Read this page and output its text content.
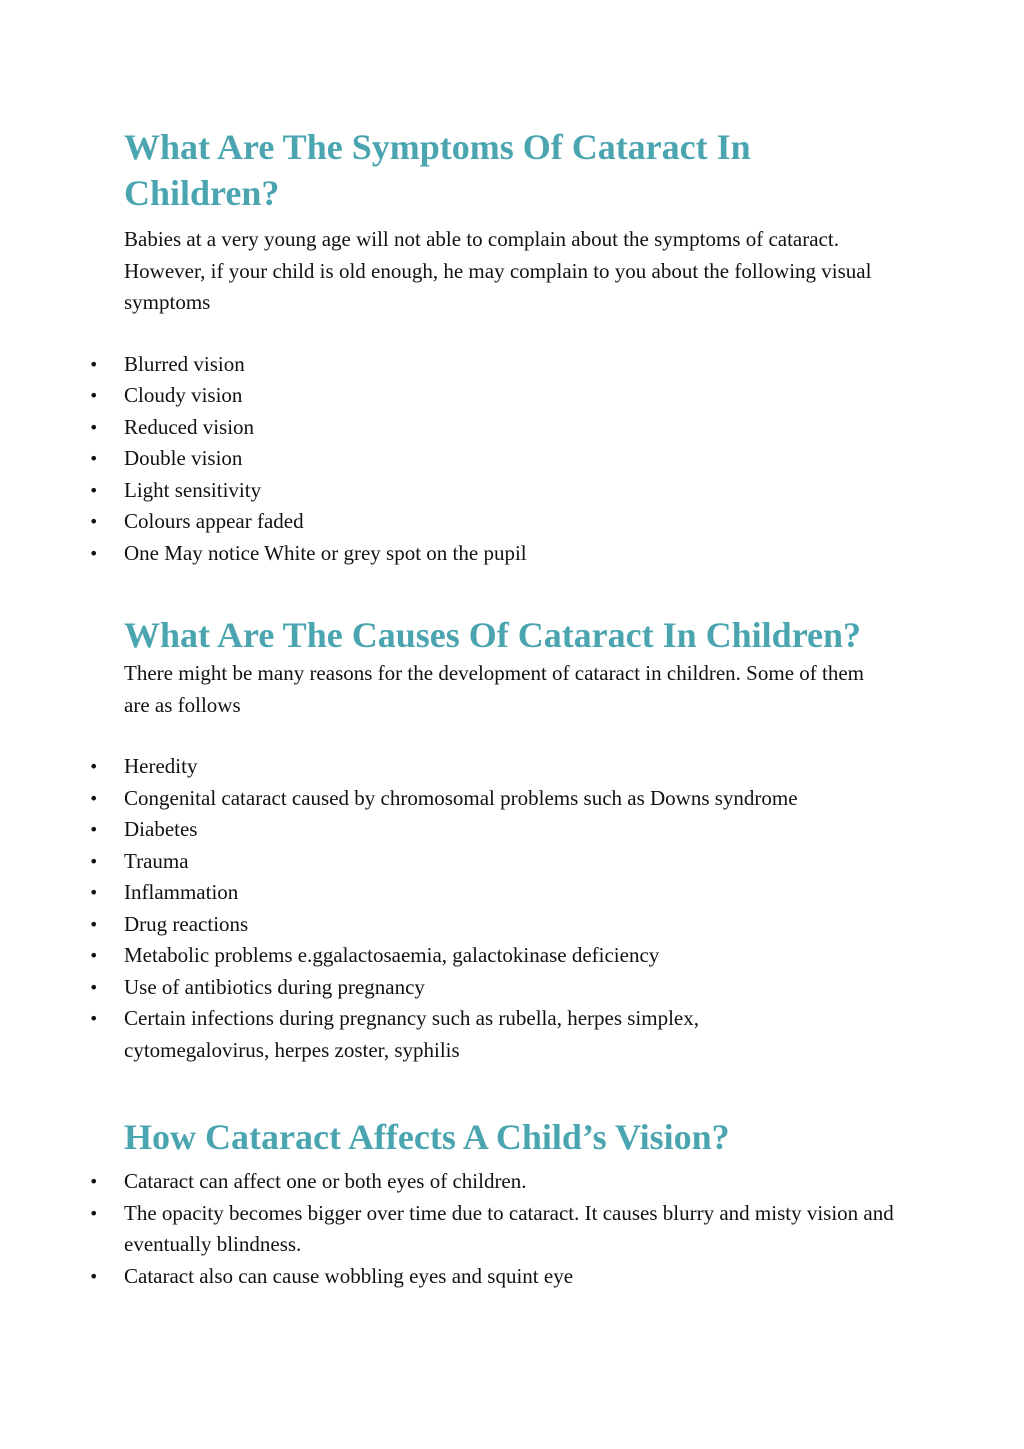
What Are The Symptoms Of Cataract In Children?

Babies at a very young age will not able to complain about the symptoms of cataract. However, if your child is old enough, he may complain to you about the following visual symptoms

• Blurred vision
• Cloudy vision
• Reduced vision
• Double vision
• Light sensitivity
• Colours appear faded
• One May notice White or grey spot on the pupil
What Are The Causes Of Cataract In Children?

There might be many reasons for the development of cataract in children. Some of them are as follows

• Heredity
• Congenital cataract caused by chromosomal problems such as Downs syndrome
• Diabetes
• Trauma
• Inflammation
• Drug reactions
• Metabolic problems e.ggalactosaemia, galactokinase deficiency
• Use of antibiotics during pregnancy
• Certain infections during pregnancy such as rubella, herpes simplex, cytomegalovirus, herpes zoster, syphilis
How Cataract Affects A Child’s Vision?
• Cataract can affect one or both eyes of children.
• The opacity becomes bigger over time due to cataract. It causes blurry and misty vision and eventually blindness.
• Cataract also can cause wobbling eyes and squint eye
